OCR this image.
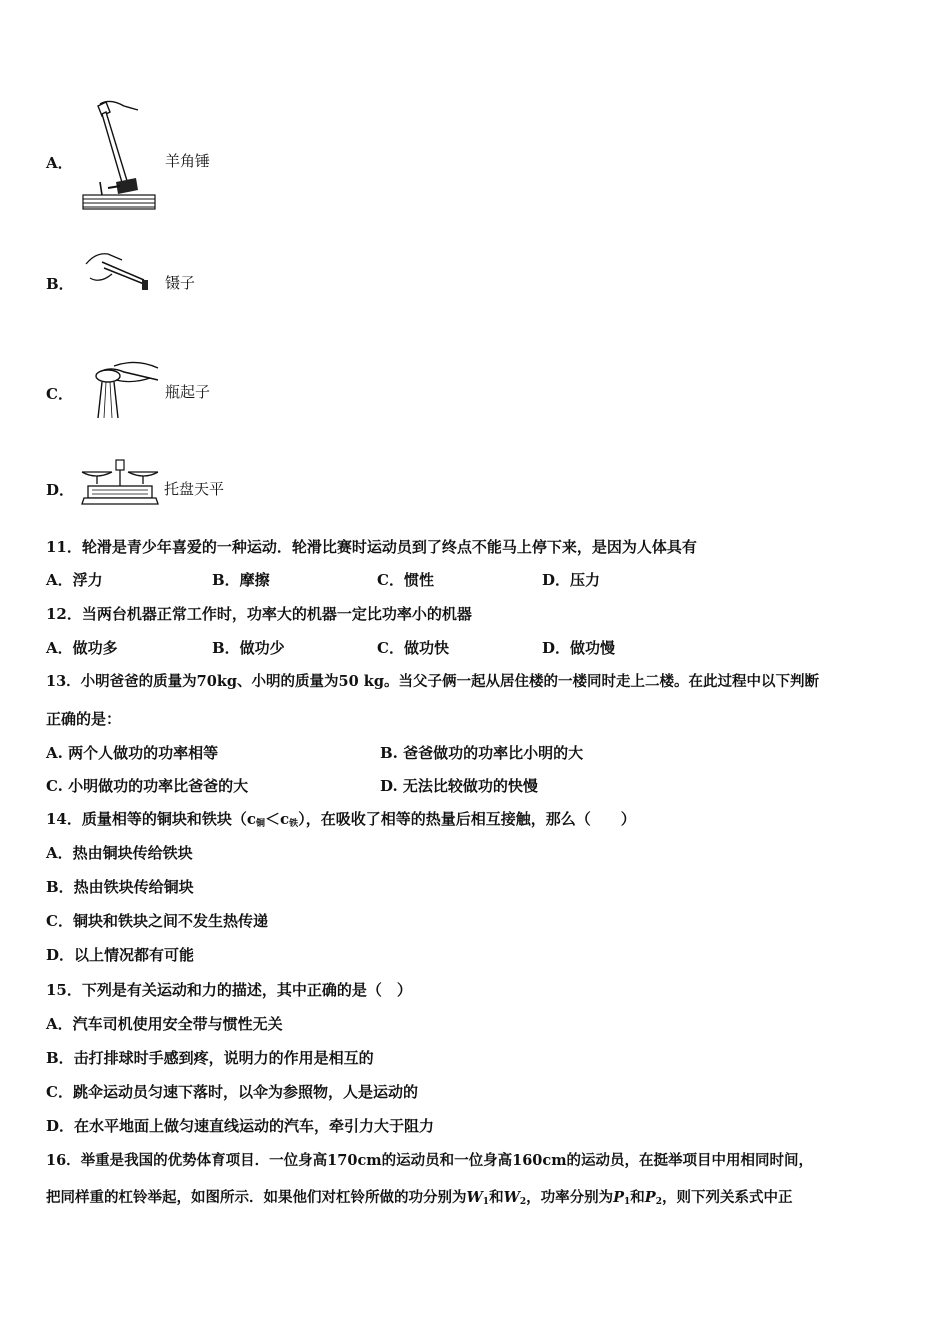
A．	羊角锤
B．	镊子
C．	瓶起子
D．	托盘天平
11．轮滑是青少年喜爱的一种运动．轮滑比赛时运动员到了终点不能马上停下来，是因为人体具有
A．浮力	B．摩擦	C．惯性	D．压力
12．当两台机器正常工作时，功率大的机器一定比功率小的机器
A．做功多	B．做功少	C．做功快	D．做功慢
13．小明爸爸的质量为70kg、小明的质量为50 kg。当父子俩一起从居住楼的一楼同时走上二楼。在此过程中以下判断
正确的是：
A. 两个人做功的功率相等	B. 爸爸做功的功率比小明的大
C. 小明做功的功率比爸爸的大	D. 无法比较做功的快慢
14．质量相等的铜块和铁块$(c_铜<c_铁)$，在吸收了相等的热量后相互接触，那么（　　）
A．热由铜块传给铁块
B．热由铁块传给铜块
C．铜块和铁块之间不发生热传递
D．以上情况都有可能
15．下列是有关运动和力的描述，其中正确的是（　）
A．汽车司机使用安全带与惯性无关
B．击打排球时手感到疼，说明力的作用是相互的
C．跳伞运动员匀速下落时，以伞为参照物，人是运动的
D．在水平地面上做匀速直线运动的汽车，牵引力大于阻力
16．举重是我国的优势体育项目．一位身高170cm的运动员和一位身高160cm的运动员，在挺举项目中用相同时间，
把同样重的杠铃举起，如图所示．如果他们对杠铃所做的功分别为$W_1$和$W_2$，功率分别为$P_1$和$P_2$，则下列关系式中正
